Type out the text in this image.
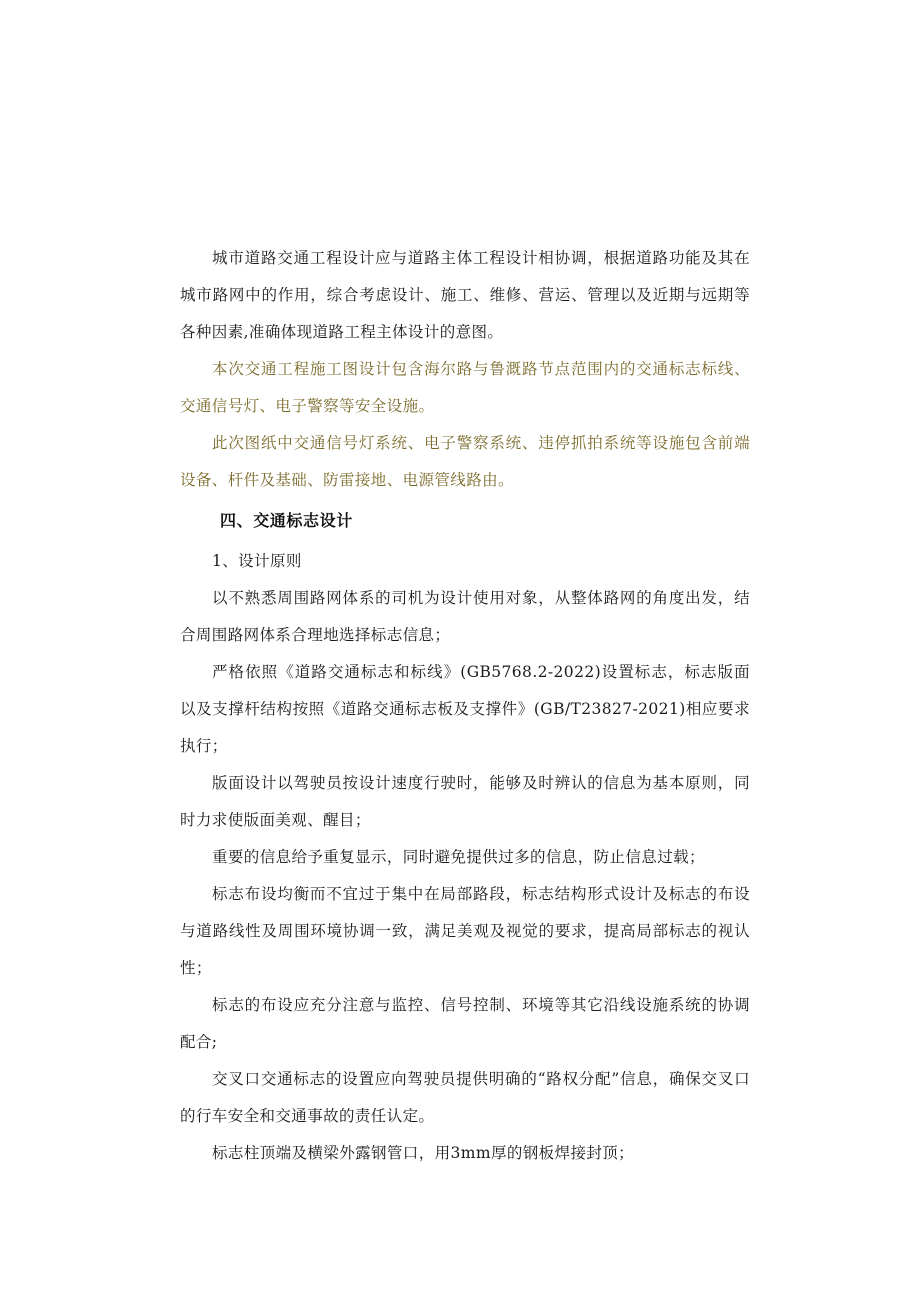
城市道路交通工程设计应与道路主体工程设计相协调，根据道路功能及其在城市路网中的作用，综合考虑设计、施工、维修、营运、管理以及近期与远期等各种因素,准确体现道路工程主体设计的意图。

本次交通工程施工图设计包含海尔路与鲁溉路节点范围内的交通标志标线、交通信号灯、电子警察等安全设施。

此次图纸中交通信号灯系统、电子警察系统、违停抓拍系统等设施包含前端设备、杆件及基础、防雷接地、电源管线路由。

四、交通标志设计

1、设计原则

以不熟悉周围路网体系的司机为设计使用对象，从整体路网的角度出发，结合周围路网体系合理地选择标志信息；

严格依照《道路交通标志和标线》(GB5768.2-2022)设置标志，标志版面以及支撑杆结构按照《道路交通标志板及支撑件》(GB/T23827-2021)相应要求执行；

版面设计以驾驶员按设计速度行驶时，能够及时辨认的信息为基本原则，同时力求使版面美观、醒目；

重要的信息给予重复显示，同时避免提供过多的信息，防止信息过载；

标志布设均衡而不宜过于集中在局部路段，标志结构形式设计及标志的布设与道路线性及周围环境协调一致，满足美观及视觉的要求，提高局部标志的视认性；

标志的布设应充分注意与监控、信号控制、环境等其它沿线设施系统的协调配合;

交叉口交通标志的设置应向驾驶员提供明确的“路权分配”信息，确保交叉口的行车安全和交通事故的责任认定。

标志柱顶端及横梁外露钢管口，用3mm厚的钢板焊接封顶；
